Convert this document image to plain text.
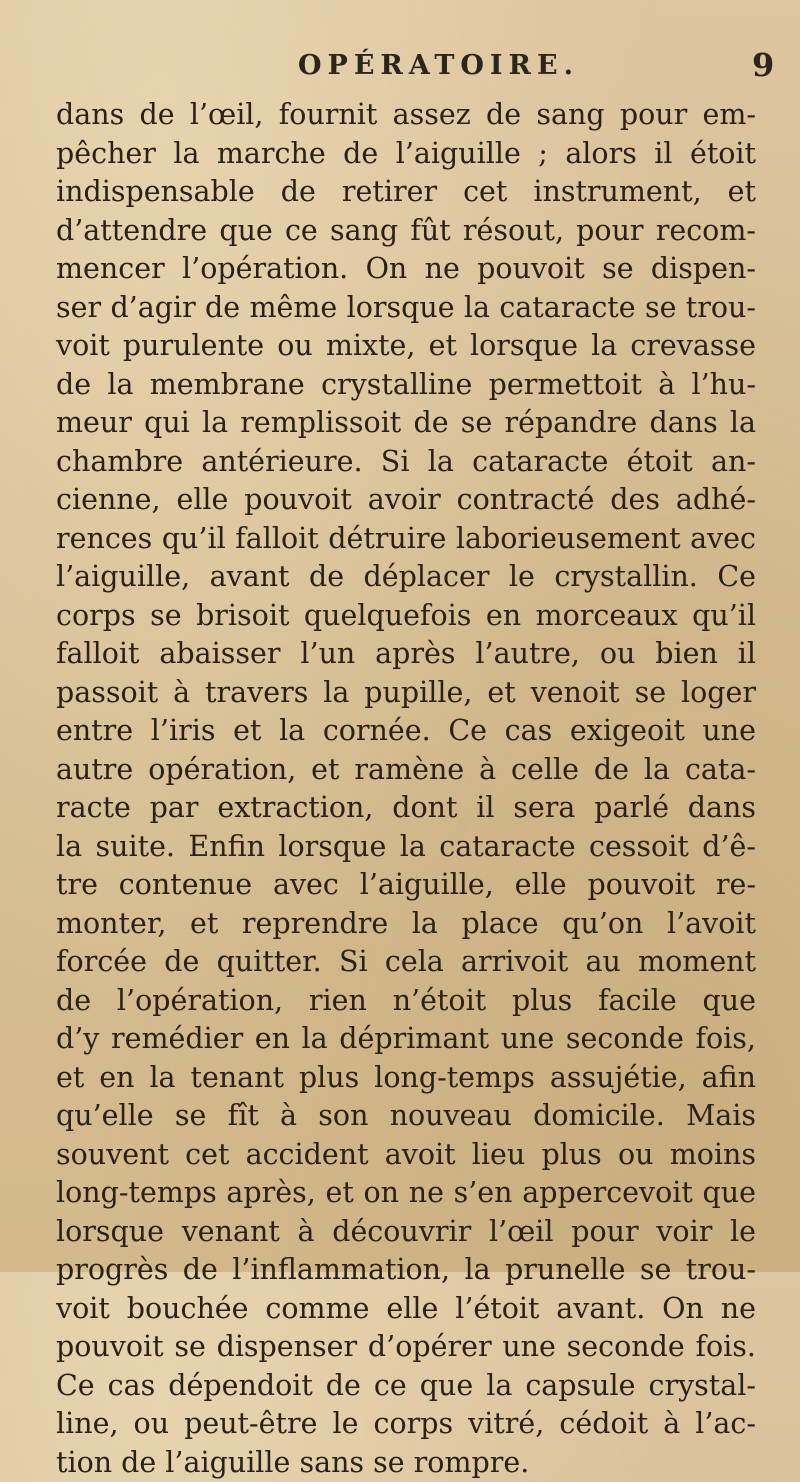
OPÉRATOIRE.	9
dans de l’œil, fournit assez de sang pour em-
pêcher la marche de l’aiguille ; alors il étoit
indispensable de retirer cet instrument, et
d’attendre que ce sang fût résout, pour recom-
mencer l’opération. On ne pouvoit se dispen-
ser d’agir de même lorsque la cataracte se trou-
voit purulente ou mixte, et lorsque la crevasse
de la membrane crystalline permettoit à l’hu-
meur qui la remplissoit de se répandre dans la
chambre antérieure. Si la cataracte étoit an-
cienne, elle pouvoit avoir contracté des adhé-
rences qu’il falloit détruire laborieusement avec
l’aiguille, avant de déplacer le crystallin. Ce
corps se brisoit quelquefois en morceaux qu’il
falloit abaisser l’un après l’autre, ou bien il
passoit à travers la pupille, et venoit se loger
entre l’iris et la cornée. Ce cas exigeoit une
autre opération, et ramène à celle de la cata-
racte par extraction, dont il sera parlé dans
la suite. Enfin lorsque la cataracte cessoit d’ê-
tre contenue avec l’aiguille, elle pouvoit re-
monter, et reprendre la place qu’on l’avoit
forcée de quitter. Si cela arrivoit au moment
de l’opération, rien n’étoit plus facile que
d’y remédier en la déprimant une seconde fois,
et en la tenant plus long-temps assujétie, afin
qu’elle se fît à son nouveau domicile. Mais
souvent cet accident avoit lieu plus ou moins
long-temps après, et on ne s’en appercevoit que
lorsque venant à découvrir l’œil pour voir le
progrès de l’inflammation, la prunelle se trou-
voit bouchée comme elle l’étoit avant. On ne
pouvoit se dispenser d’opérer une seconde fois.
Ce cas dépendoit de ce que la capsule crystal-
line, ou peut-être le corps vitré, cédoit à l’ac-
tion de l’aiguille sans se rompre.
